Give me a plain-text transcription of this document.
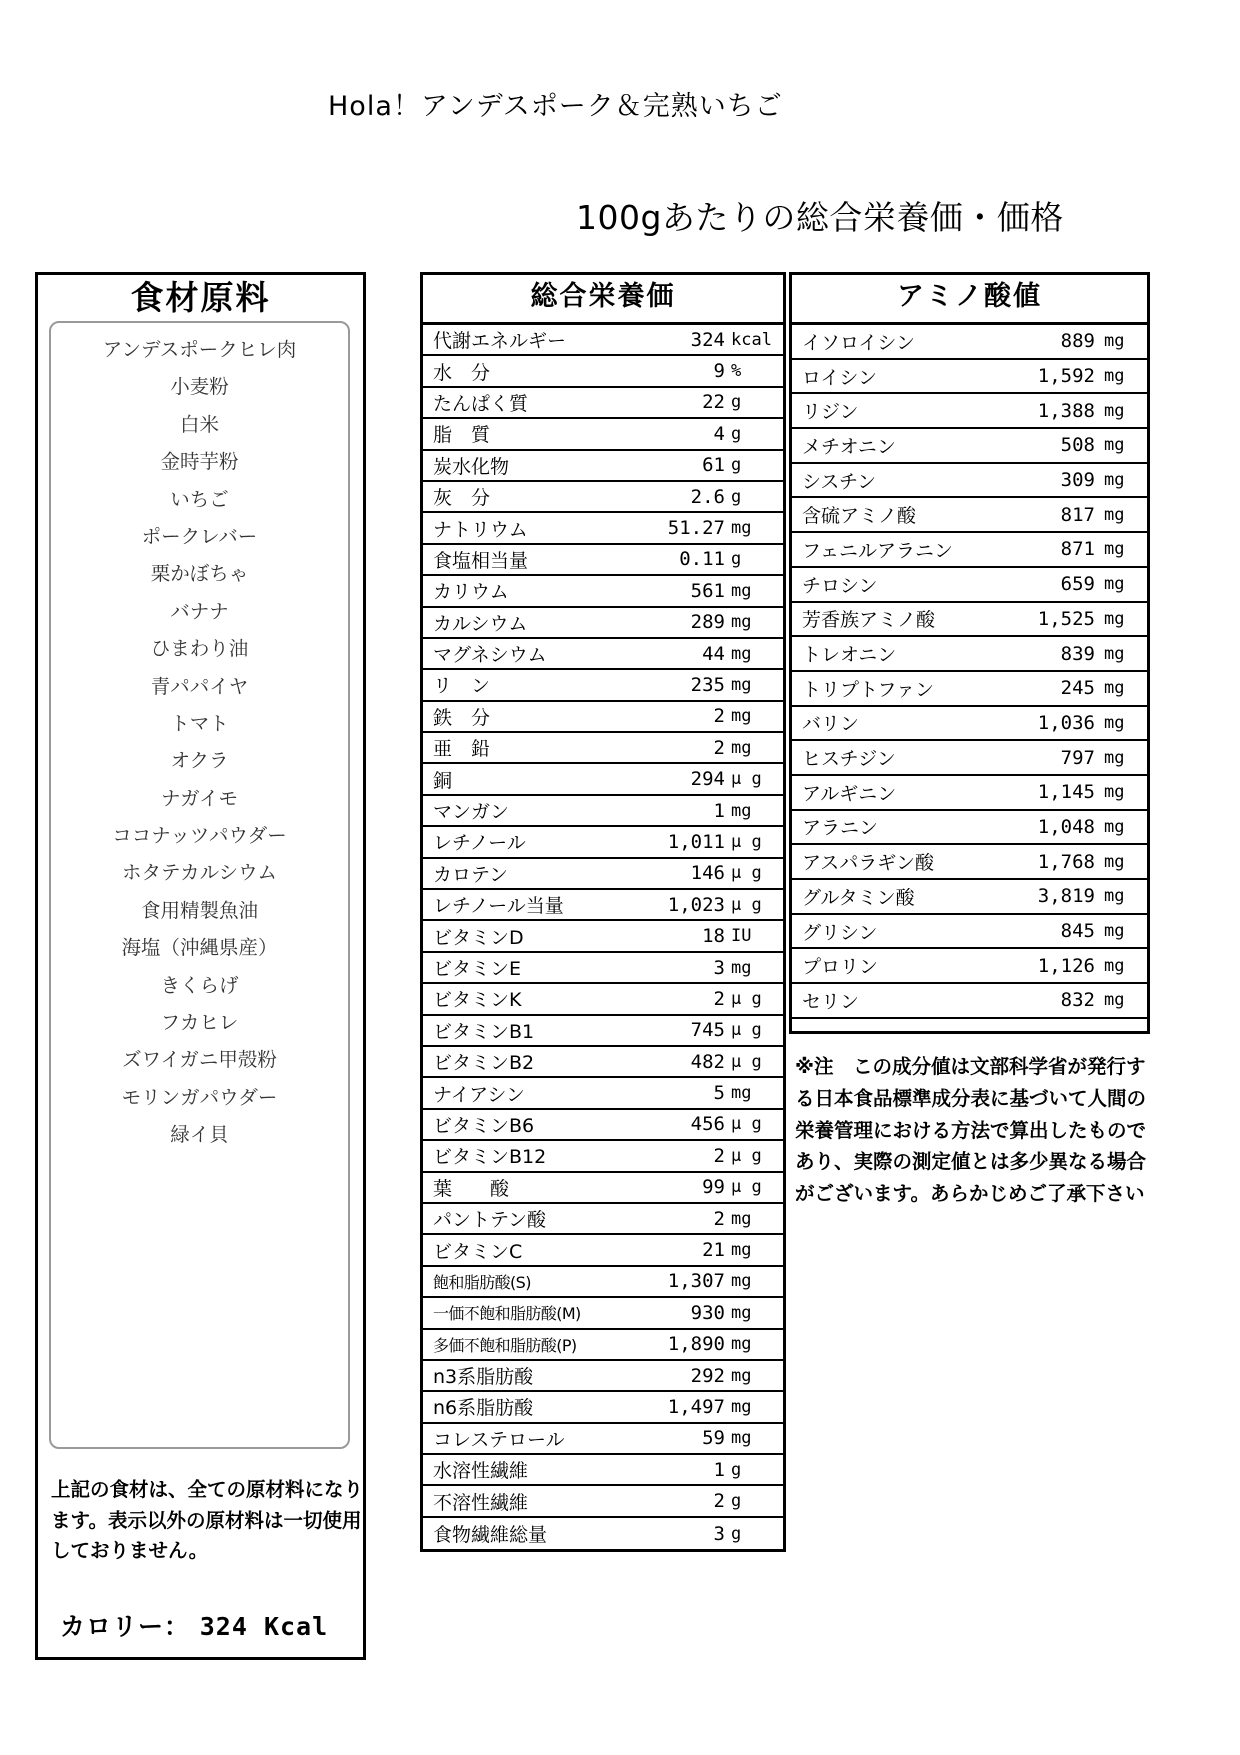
Hola！アンデスポーク＆完熟いちご
100gあたりの総合栄養価・価格
食材原料
アンデスポークヒレ肉
小麦粉
白米
金時芋粉
いちご
ポークレバー
栗かぼちゃ
バナナ
ひまわり油
青パパイヤ
トマト
オクラ
ナガイモ
ココナッツパウダー
ホタテカルシウム
食用精製魚油
海塩（沖縄県産）
きくらげ
フカヒレ
ズワイガニ甲殻粉
モリンガパウダー
緑イ貝
上記の食材は、全ての原材料になります。表示以外の原材料は一切使用しておりません。
カロリー： 324 Kcal
総合栄養価
代謝エネルギー	324 kcal
水　分	9 %
たんぱく質	22 g
脂　質	4 g
炭水化物	61 g
灰　分	2.6 g
ナトリウム	51.27 mg
食塩相当量	0.11 g
カリウム	561 mg
カルシウム	289 mg
マグネシウム	44 mg
リ　ン	235 mg
鉄　分	2 mg
亜　鉛	2 mg
銅	294 μ g
マンガン	1 mg
レチノール	1,011 μ g
カロテン	146 μ g
レチノール当量	1,023 μ g
ビタミンD	18 IU
ビタミンE	3 mg
ビタミンK	2 μ g
ビタミンB1	745 μ g
ビタミンB2	482 μ g
ナイアシン	5 mg
ビタミンB6	456 μ g
ビタミンB12	2 μ g
葉　　酸	99 μ g
パントテン酸	2 mg
ビタミンC	21 mg
飽和脂肪酸(S)	1,307 mg
一価不飽和脂肪酸(M)	930 mg
多価不飽和脂肪酸(P)	1,890 mg
n3系脂肪酸	292 mg
n6系脂肪酸	1,497 mg
コレステロール	59 mg
水溶性繊維	1 g
不溶性繊維	2 g
食物繊維総量	3 g
アミノ酸値
イソロイシン	889 mg
ロイシン	1,592 mg
リジン	1,388 mg
メチオニン	508 mg
シスチン	309 mg
含硫アミノ酸	817 mg
フェニルアラニン	871 mg
チロシン	659 mg
芳香族アミノ酸	1,525 mg
トレオニン	839 mg
トリプトファン	245 mg
バリン	1,036 mg
ヒスチジン	797 mg
アルギニン	1,145 mg
アラニン	1,048 mg
アスパラギン酸	1,768 mg
グルタミン酸	3,819 mg
グリシン	845 mg
プロリン	1,126 mg
セリン	832 mg
※注　この成分値は文部科学省が発行する日本食品標準成分表に基づいて人間の栄養管理における方法で算出したものであり、実際の測定値とは多少異なる場合がございます。あらかじめご了承下さい
